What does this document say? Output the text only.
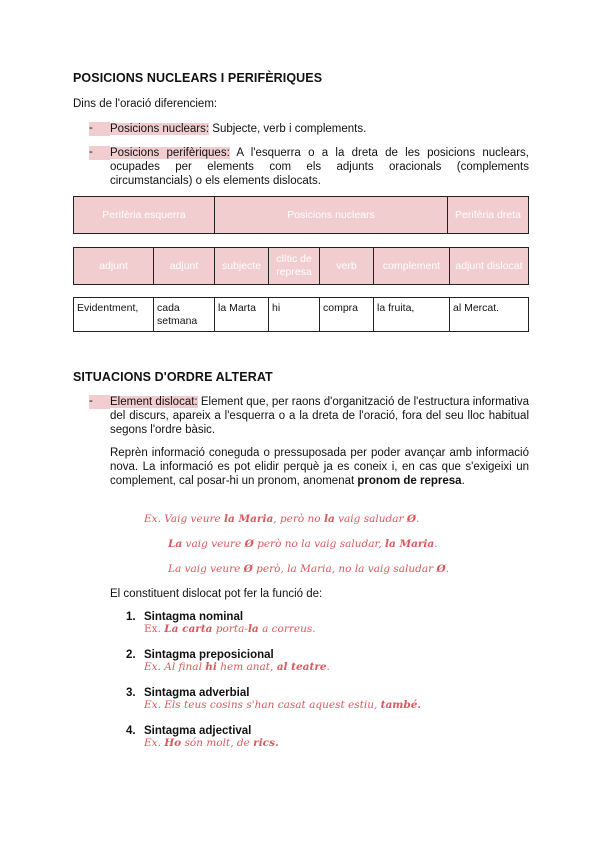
POSICIONS NUCLEARS I PERIFÈRIQUES

Dins de l'oració diferenciem:

-	Posicions nuclears: Subjecte, verb i complements.

-	Posicions perifèriques: A l'esquerra o a la dreta de les posicions nuclears, ocupades per elements com els adjunts oracionals (complements circumstancials) o els elements dislocats.

Perifèria esquerra	Posicions nuclears	Perifèria dreta
adjunt	adjunt	subjecte	clític de represa	verb	complement	adjunt dislocat
Evidentment,	cada setmana	la Marta	hi	compra	la fruita,	al Mercat.
SITUACIONS D'ORDRE ALTERAT
-	Element dislocat: Element que, per raons d'organització de l'estructura informativa del discurs, apareix a l'esquerra o a la dreta de l'oració, fora del seu lloc habitual segons l'ordre bàsic.

Reprèn informació coneguda o pressuposada per poder avançar amb informació nova. La informació es pot elidir perquè ja es coneix i, en cas que s'exigeixi un complement, cal posar-hi un pronom, anomenat pronom de represa.

Ex. Vaig veure la Maria, però no la vaig saludar Ø.

La vaig veure Ø però no la vaig saludar, la Maria.

La vaig veure Ø però, la Maria, no la vaig saludar Ø.

El constituent dislocat pot fer la funció de:

1. Sintagma nominal

Ex. La carta porta-la a correus.

2. Sintagma preposicional

Ex. Al final hi hem anat, al teatre.

3. Sintagma adverbial

Ex. Els teus cosins s'han casat aquest estiu, també.

4. Sintagma adjectival

Ex. Ho són molt, de rics.
